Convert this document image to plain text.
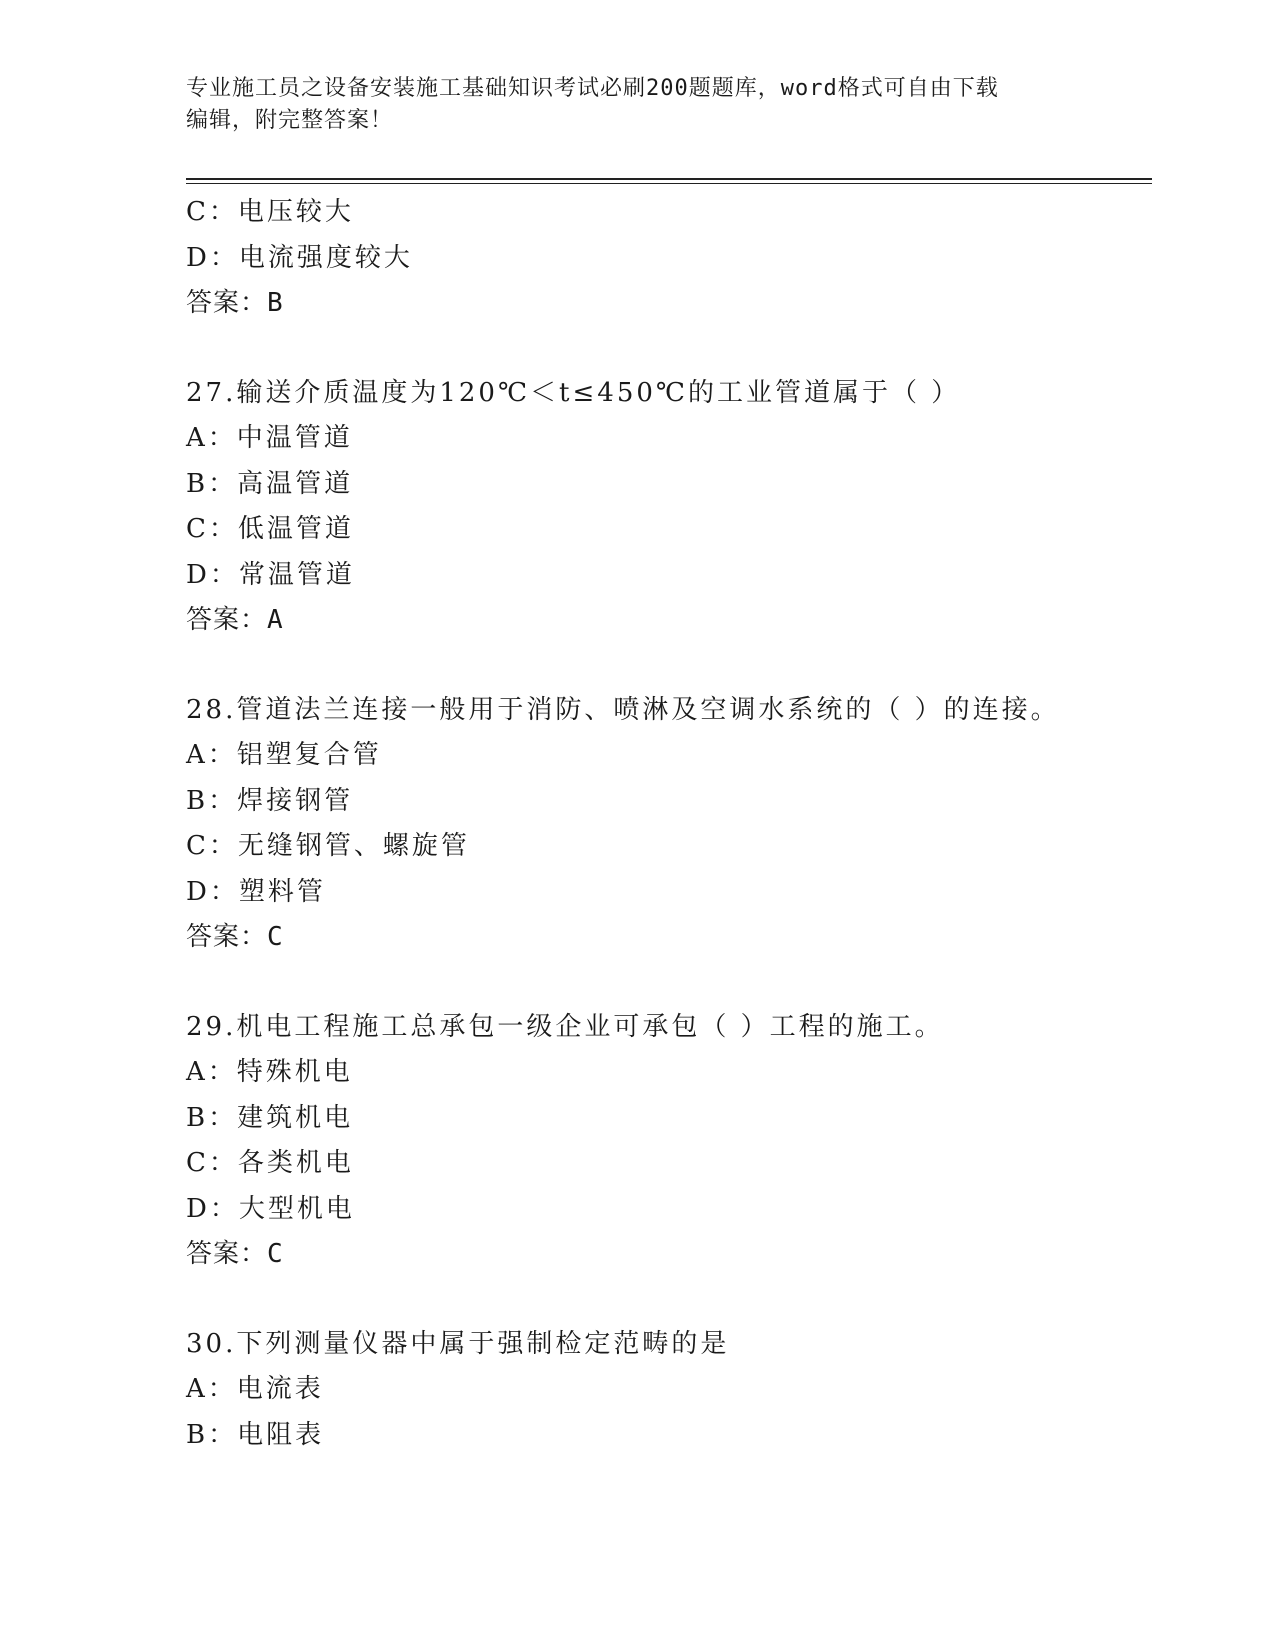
专业施工员之设备安装施工基础知识考试必刷200题题库，word格式可自由下载
编辑，附完整答案！
C：电压较大
D：电流强度较大
答案：B
27.输送介质温度为120℃＜t≤450℃的工业管道属于（ ）
A：中温管道
B：高温管道
C：低温管道
D：常温管道
答案：A
28.管道法兰连接一般用于消防、喷淋及空调水系统的（ ）的连接。
A：铝塑复合管
B：焊接钢管
C：无缝钢管、螺旋管
D：塑料管
答案：C
29.机电工程施工总承包一级企业可承包（ ）工程的施工。
A：特殊机电
B：建筑机电
C：各类机电
D：大型机电
答案：C
30.下列测量仪器中属于强制检定范畴的是
A：电流表
B：电阻表
